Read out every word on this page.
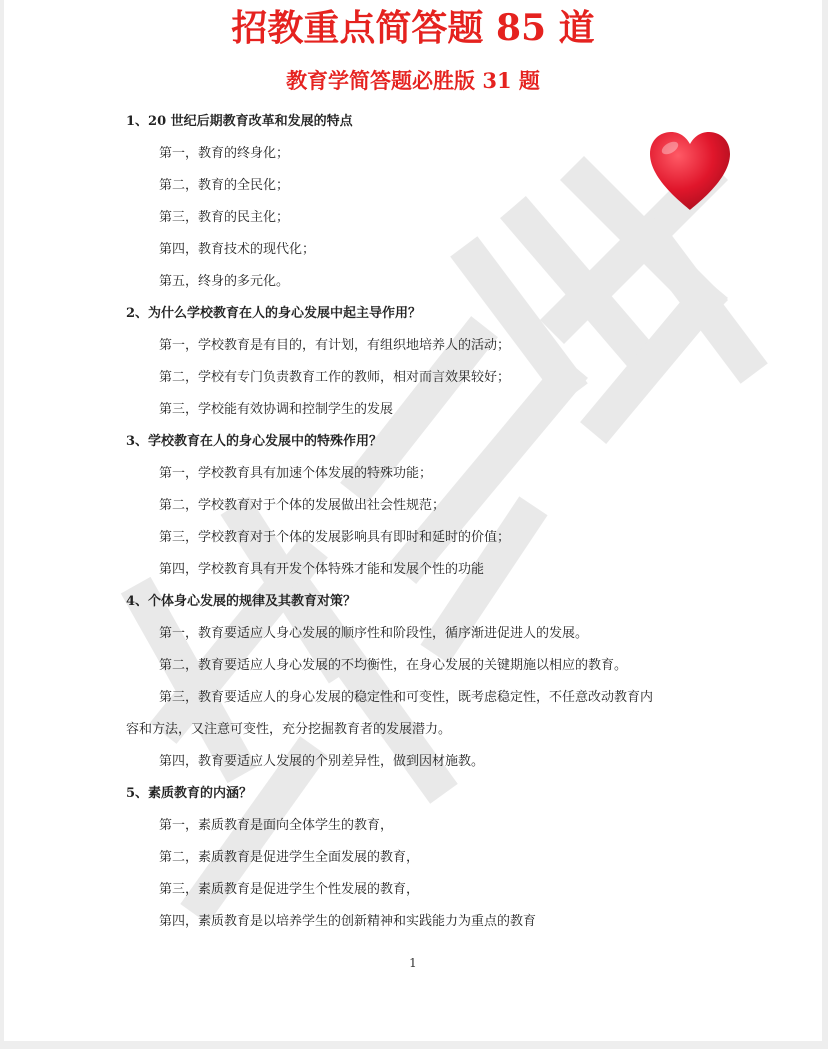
招教重点简答题 85 道
教育学简答题必胜版 31 题

1、20 世纪后期教育改革和发展的特点

第一，教育的终身化；

第二，教育的全民化；

第三，教育的民主化；

第四，教育技术的现代化；

第五，终身的多元化。

2、为什么学校教育在人的身心发展中起主导作用？

第一，学校教育是有目的，有计划，有组织地培养人的活动；

第二，学校有专门负责教育工作的教师，相对而言效果较好；

第三，学校能有效协调和控制学生的发展

3、学校教育在人的身心发展中的特殊作用？

第一，学校教育具有加速个体发展的特殊功能；

第二，学校教育对于个体的发展做出社会性规范；

第三，学校教育对于个体的发展影响具有即时和延时的价值；

第四，学校教育具有开发个体特殊才能和发展个性的功能

4、个体身心发展的规律及其教育对策？

第一，教育要适应人身心发展的顺序性和阶段性，循序渐进促进人的发展。

第二，教育要适应人身心发展的不均衡性，在身心发展的关键期施以相应的教育。

第三，教育要适应人的身心发展的稳定性和可变性，既考虑稳定性，不任意改动教育内

容和方法，又注意可变性，充分挖掘教育者的发展潜力。

第四，教育要适应人发展的个别差异性，做到因材施教。

5、素质教育的内涵？

第一，素质教育是面向全体学生的教育，

第二，素质教育是促进学生全面发展的教育，

第三，素质教育是促进学生个性发展的教育，

第四，素质教育是以培养学生的创新精神和实践能力为重点的教育

1
